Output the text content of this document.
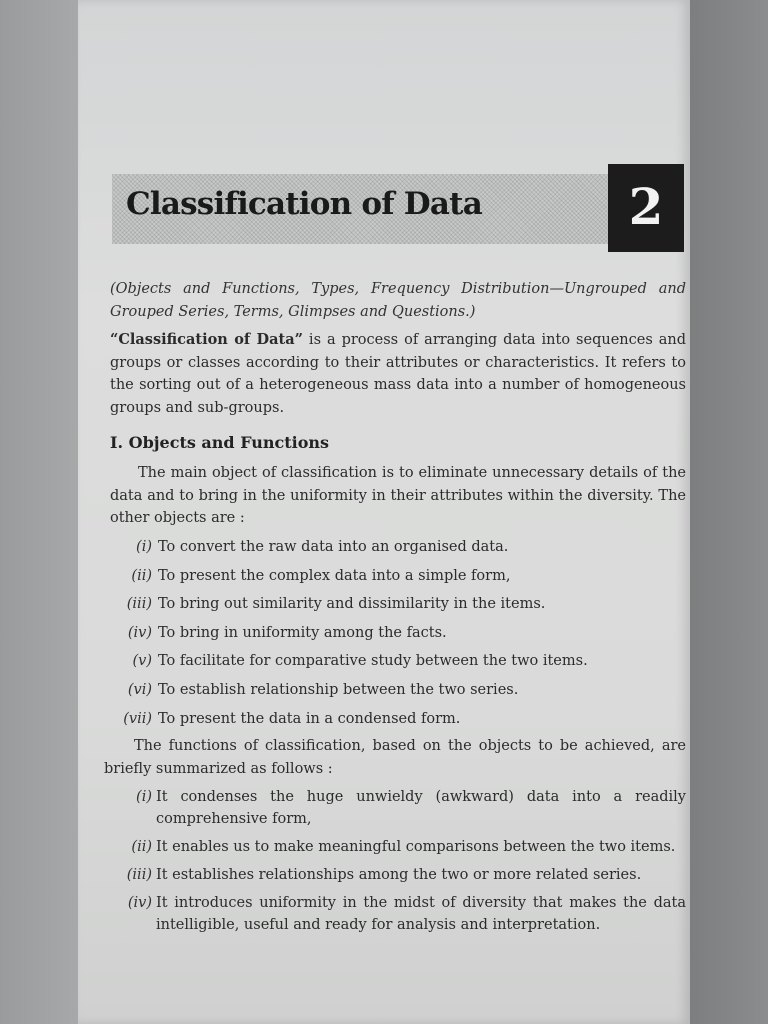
Classification of Data	2

(Objects and Functions, Types, Frequency Distribution—Ungrouped and Grouped Series, Terms, Glimpses and Questions.)

“Classification of Data” is a process of arranging data into sequences and groups or classes according to their attributes or characteristics. It refers to the sorting out of a heterogeneous mass data into a number of homogeneous groups and sub-groups.

I. Objects and Functions

The main object of classification is to eliminate unnecessary details of the data and to bring in the uniformity in their attributes within the diversity. The other objects are :

(i) To convert the raw data into an organised data.
(ii) To present the complex data into a simple form,
(iii) To bring out similarity and dissimilarity in the items.
(iv) To bring in uniformity among the facts.
(v) To facilitate for comparative study between the two items.
(vi) To establish relationship between the two series.
(vii) To present the data in a condensed form.

The functions of classification, based on the objects to be achieved, are briefly summarized as follows :

(i) It condenses the huge unwieldy (awkward) data into a readily comprehensive form,
(ii) It enables us to make meaningful comparisons between the two items.
(iii) It establishes relationships among the two or more related series.
(iv) It introduces uniformity in the midst of diversity that makes the data intelligible, useful and ready for analysis and interpretation.
